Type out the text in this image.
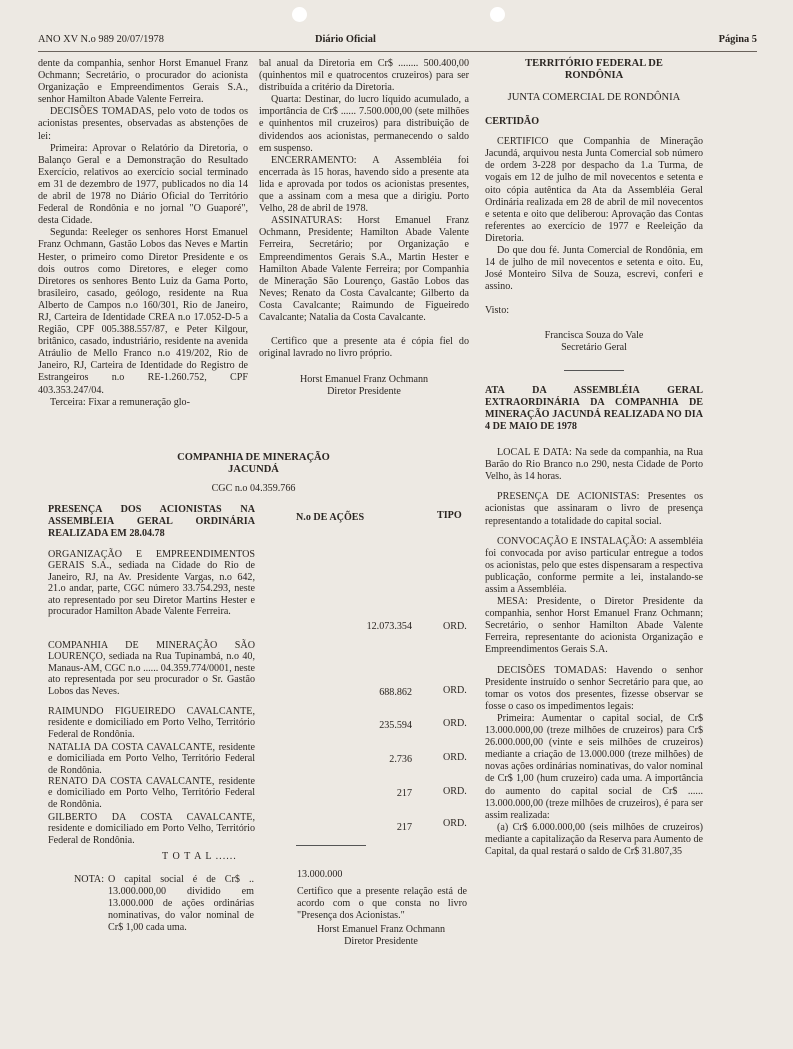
ANO XV N.o 989 20/07/1978	Diário Oficial	Página 5

dente da companhia, senhor Horst Emanuel Franz Ochmann; Secretário, o procurador do acionista Organização e Empreendimentos Gerais S.A., senhor Hamilton Abade Valente Ferreira.

DECISÕES TOMADAS, pelo voto de todos os acionistas presentes, observadas as abstenções de lei:

Primeira: Aprovar o Relatório da Diretoria, o Balanço Geral e a Demonstração do Resultado Exercício, relativos ao exercício social terminado em 31 de dezembro de 1977, publicados no dia 14 de abril de 1978 no Diário Oficial do Território Federal de Rondônia e no jornal "O Guaporé", desta Cidade.

Segunda: Reeleger os senhores Horst Emanuel Franz Ochmann, Gastão Lobos das Neves e Martin Hester, o primeiro como Diretor Presidente e os dois outros como Diretores, e eleger como Diretores os senhores Bento Luiz da Gama Porto, brasileiro, casado, geólogo, residente na Rua Alberto de Campos n.o 160/301, Rio de Janeiro, RJ, Carteira de Identidade CREA n.o 17.052-D-5 a Região, CPF 005.388.557/87, e Peter Kilgour, britânico, casado, industriário, residente na avenida Atráulio de Mello Franco n.o 419/202, Rio de Janeiro, RJ, Carteira de Identidade do Registro de Estrangeiros n.o RE-1.260.752, CPF 403.353.247/04.

Terceira: Fixar a remuneração glo-

bal anual da Diretoria em Cr$ ........ 500.400,00 (quinhentos mil e quatrocentos cruzeiros) para ser distribuída a critério da Diretoria.

Quarta: Destinar, do lucro líquido acumulado, a importância de Cr$ ...... 7.500.000,00 (sete milhões e quinhentos mil cruzeiros) para distribuição de dividendos aos acionistas, permanecendo o saldo em suspenso.

ENCERRAMENTO: A Assembléia foi encerrada às 15 horas, havendo sido a presente ata lida e aprovada por todos os acionistas presentes, que a assinam com a mesa que a dirigiu. Porto Velho, 28 de abril de 1978.

ASSINATURAS: Horst Emanuel Franz Ochmann, Presidente; Hamilton Abade Valente Ferreira, Secretário; por Organização e Empreendimentos Gerais S.A., Martin Hester e Hamilton Abade Valente Ferreira; por Companhia de Mineração São Lourenço, Gastão Lobos das Neves; Renato da Costa Cavalcante; Gilberto da Costa Cavalcante; Raimundo de Figueiredo Cavalcante; Natalia da Costa Cavalcante.

Certifico que a presente ata é cópia fiel do original lavrado no livro próprio.

Horst Emanuel Franz Ochmann

Diretor Presidente

COMPANHIA DE MINERAÇÃO
JACUNDÁ
CGC n.o 04.359.766
PRESENÇA DOS ACIONISTAS NA ASSEMBLEIA GERAL ORDINÁRIA REALIZADA EM 28.04.78
N.o DE AÇÕES	TIPO
ORGANIZAÇÃO E EMPREENDIMENTOS GERAIS S.A., sediada na Cidade do Rio de Janeiro, RJ, na Av. Presidente Vargas, n.o 642, 21.o andar, parte, CGC número 33.754.293, neste ato representado por seu Diretor Martins Hester e procurador Hamilton Abade Valente Ferreira.
12.073.354	ORD.
COMPANHIA DE MINERAÇÃO SÃO LOURENÇO, sediada na Rua Tupinambá, n.o 40, Manaus-AM, CGC n.o ...... 04.359.774/0001, neste ato representada por seu procurador o Sr. Gastão Lobos das Neves.	688.862	ORD.
RAIMUNDO FIGUEIREDO CAVALCANTE, residente e domiciliado em Porto Velho, Território Federal de Rondônia.
235.594	ORD.
NATALIA DA COSTA CAVALCANTE, residente e domiciliada em Porto Velho, Território Federal de Rondônia.
2.736	ORD.
RENATO DA COSTA CAVALCANTE, residente e domiciliado em Porto Velho, Território Federal de Rondônia.
217	ORD.
GILBERTO DA COSTA CAVALCANTE, residente e domiciliado em Porto Velho, Território Federal de Rondônia.
217	ORD.
T O T A L ......
13.000.000
NOTA: O capital social é de Cr$ .. 13.000.000,00 dividido em 13.000.000 de ações ordinárias nominativas, do valor nominal de Cr$ 1,00 cada uma.
Certifico que a presente relação está de acordo com o que consta no livro "Presença dos Acionistas."
Horst Emanuel Franz Ochmann
Diretor Presidente
TERRITÓRIO FEDERAL DE
RONDÔNIA
JUNTA COMERCIAL DE RONDÔNIA
CERTIDÃO

CERTIFICO que Companhia de Mineração Jacundá, arquivou nesta Junta Comercial sob número de ordem 3-228 por despacho da 1.a Turma, de vogais em 12 de julho de mil novecentos e setenta e oito cópia autêntica da Ata da Assembléia Geral Ordinária realizada em 28 de abril de mil novecentos e setenta e oito que deliberou: Aprovação das Contas referentes ao exercício de 1977 e Reeleição da Diretoria.

Do que dou fé. Junta Comercial de Rondônia, em 14 de julho de mil novecentos e setenta e oito. Eu, José Monteiro Silva de Souza, escrevi, conferi e assino.

Visto:
Francisca Souza do Vale
Secretário Geral
ATA DA ASSEMBLÉIA GERAL EXTRAORDINÁRIA DA COMPANHIA DE MINERAÇÃO JACUNDÁ REALIZADA NO DIA 4 DE MAIO DE 1978

LOCAL E DATA: Na sede da companhia, na Rua Barão do Rio Branco n.o 290, nesta Cidade de Porto Velho, às 14 horas.

PRESENÇA DE ACIONISTAS: Presentes os acionistas que assinaram o livro de presença representando a totalidade do capital social.

CONVOCAÇÃO E INSTALAÇÃO: A assembléia foi convocada por aviso particular entregue a todos os acionistas, pelo que estes dispensaram a respectiva publicação, conforme permite a lei, instalando-se assim a Assembléia.

MESA: Presidente, o Diretor Presidente da companhia, senhor Horst Emanuel Franz Ochmann; Secretário, o senhor Hamilton Abade Valente Ferreira, representante do acionista Organização e Empreendimentos Gerais S.A.

DECISÕES TOMADAS: Havendo o senhor Presidente instruído o senhor Secretário para que, ao tomar os votos dos presentes, fizesse observar se fosse o caso os impedimentos legais:

Primeira: Aumentar o capital social, de Cr$ 13.000.000,00 (treze milhões de cruzeiros) para Cr$ 26.000.000,00 (vinte e seis milhões de cruzeiros) mediante a criação de 13.000.000 (treze milhões) de novas ações ordinárias nominativas, do valor nominal de Cr$ 1,00 (hum cruzeiro) cada uma. A importância do aumento do capital social de Cr$ ...... 13.000.000,00 (treze milhões de cruzeiros), é para ser assim realizada:

(a) Cr$ 6.000.000,00 (seis milhões de cruzeiros) mediante a capitalização da Reserva para Aumento de Capital, da qual restará o saldo de Cr$ 31.807,35
